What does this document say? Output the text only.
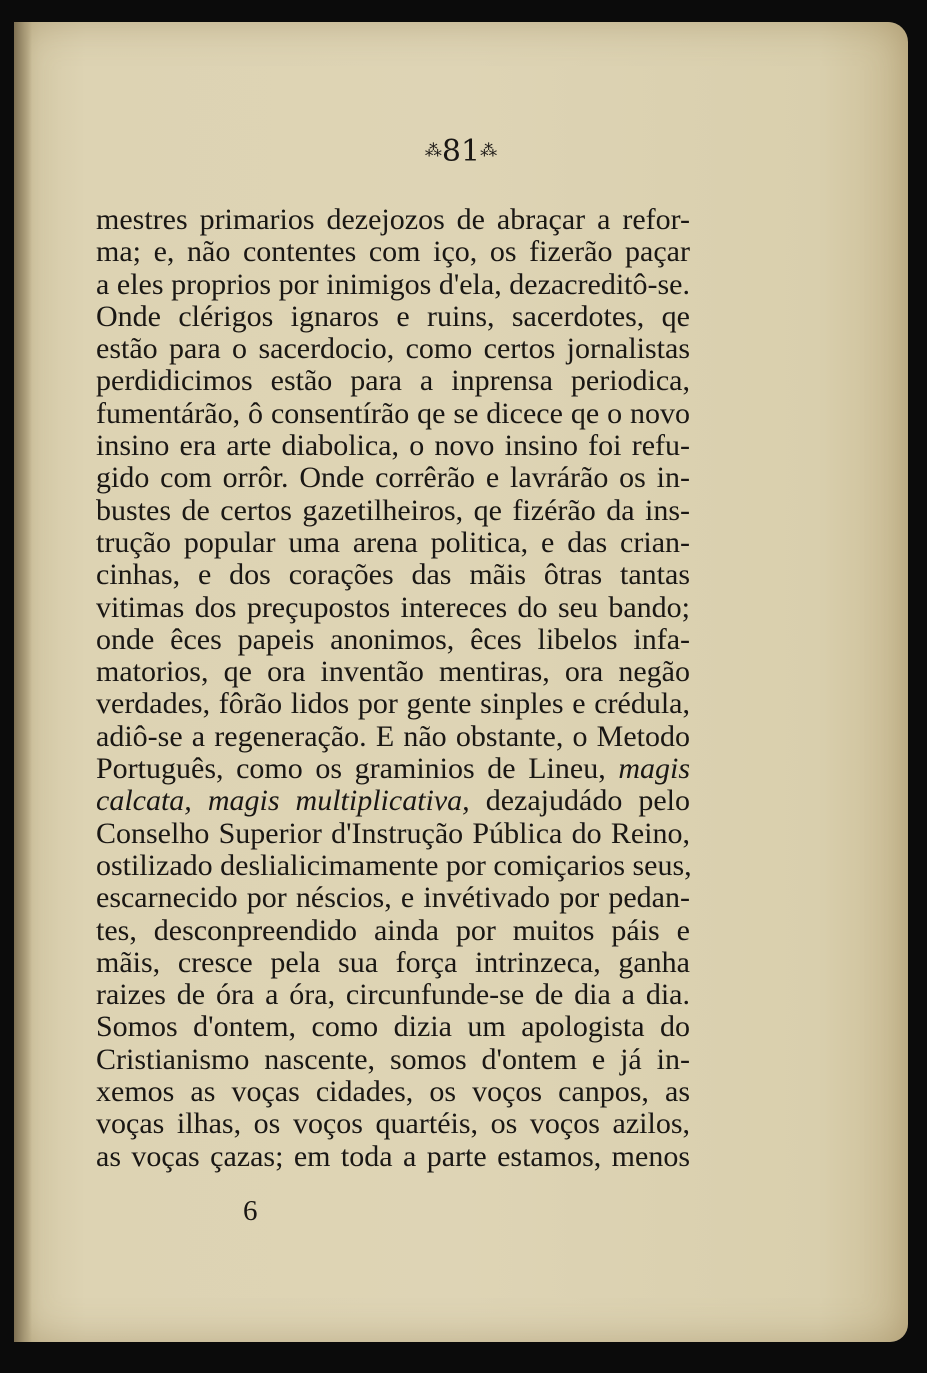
⁂81⁂
mestres primarios dezejozos de abraçar a refor-
ma; e, não contentes com iço, os fizerão paçar
a eles proprios por inimigos d'ela, dezacreditô-se.
Onde clérigos ignaros e ruins, sacerdotes, qe
estão para o sacerdocio, como certos jornalistas
perdidicimos estão para a inprensa periodica,
fumentárão, ô consentírão qe se dicece qe o novo
insino era arte diabolica, o novo insino foi refu-
gido com orrôr. Onde corrêrão e lavrárão os in-
bustes de certos gazetilheiros, qe fizérão da ins-
trução popular uma arena politica, e das crian-
cinhas, e dos corações das mãis ôtras tantas
vitimas dos preçupostos intereces do seu bando;
onde êces papeis anonimos, êces libelos infa-
matorios, qe ora inventão mentiras, ora negão
verdades, fôrão lidos por gente sinples e crédula,
adiô-se a regeneração. E não obstante, o Metodo
Português, como os graminios de Lineu, magis
calcata, magis multiplicativa, dezajudádo pelo
Conselho Superior d'Instrução Pública do Reino,
ostilizado deslialicimamente por comiçarios seus,
escarnecido por néscios, e invétivado por pedan-
tes, desconpreendido ainda por muitos páis e
mãis, cresce pela sua força intrinzeca, ganha
raizes de óra a óra, circunfunde-se de dia a dia.
Somos d'ontem, como dizia um apologista do
Cristianismo nascente, somos d'ontem e já in-
xemos as voças cidades, os voços canpos, as
voças ilhas, os voços quartéis, os voços azilos,
as voças çazas; em toda a parte estamos, menos
6
